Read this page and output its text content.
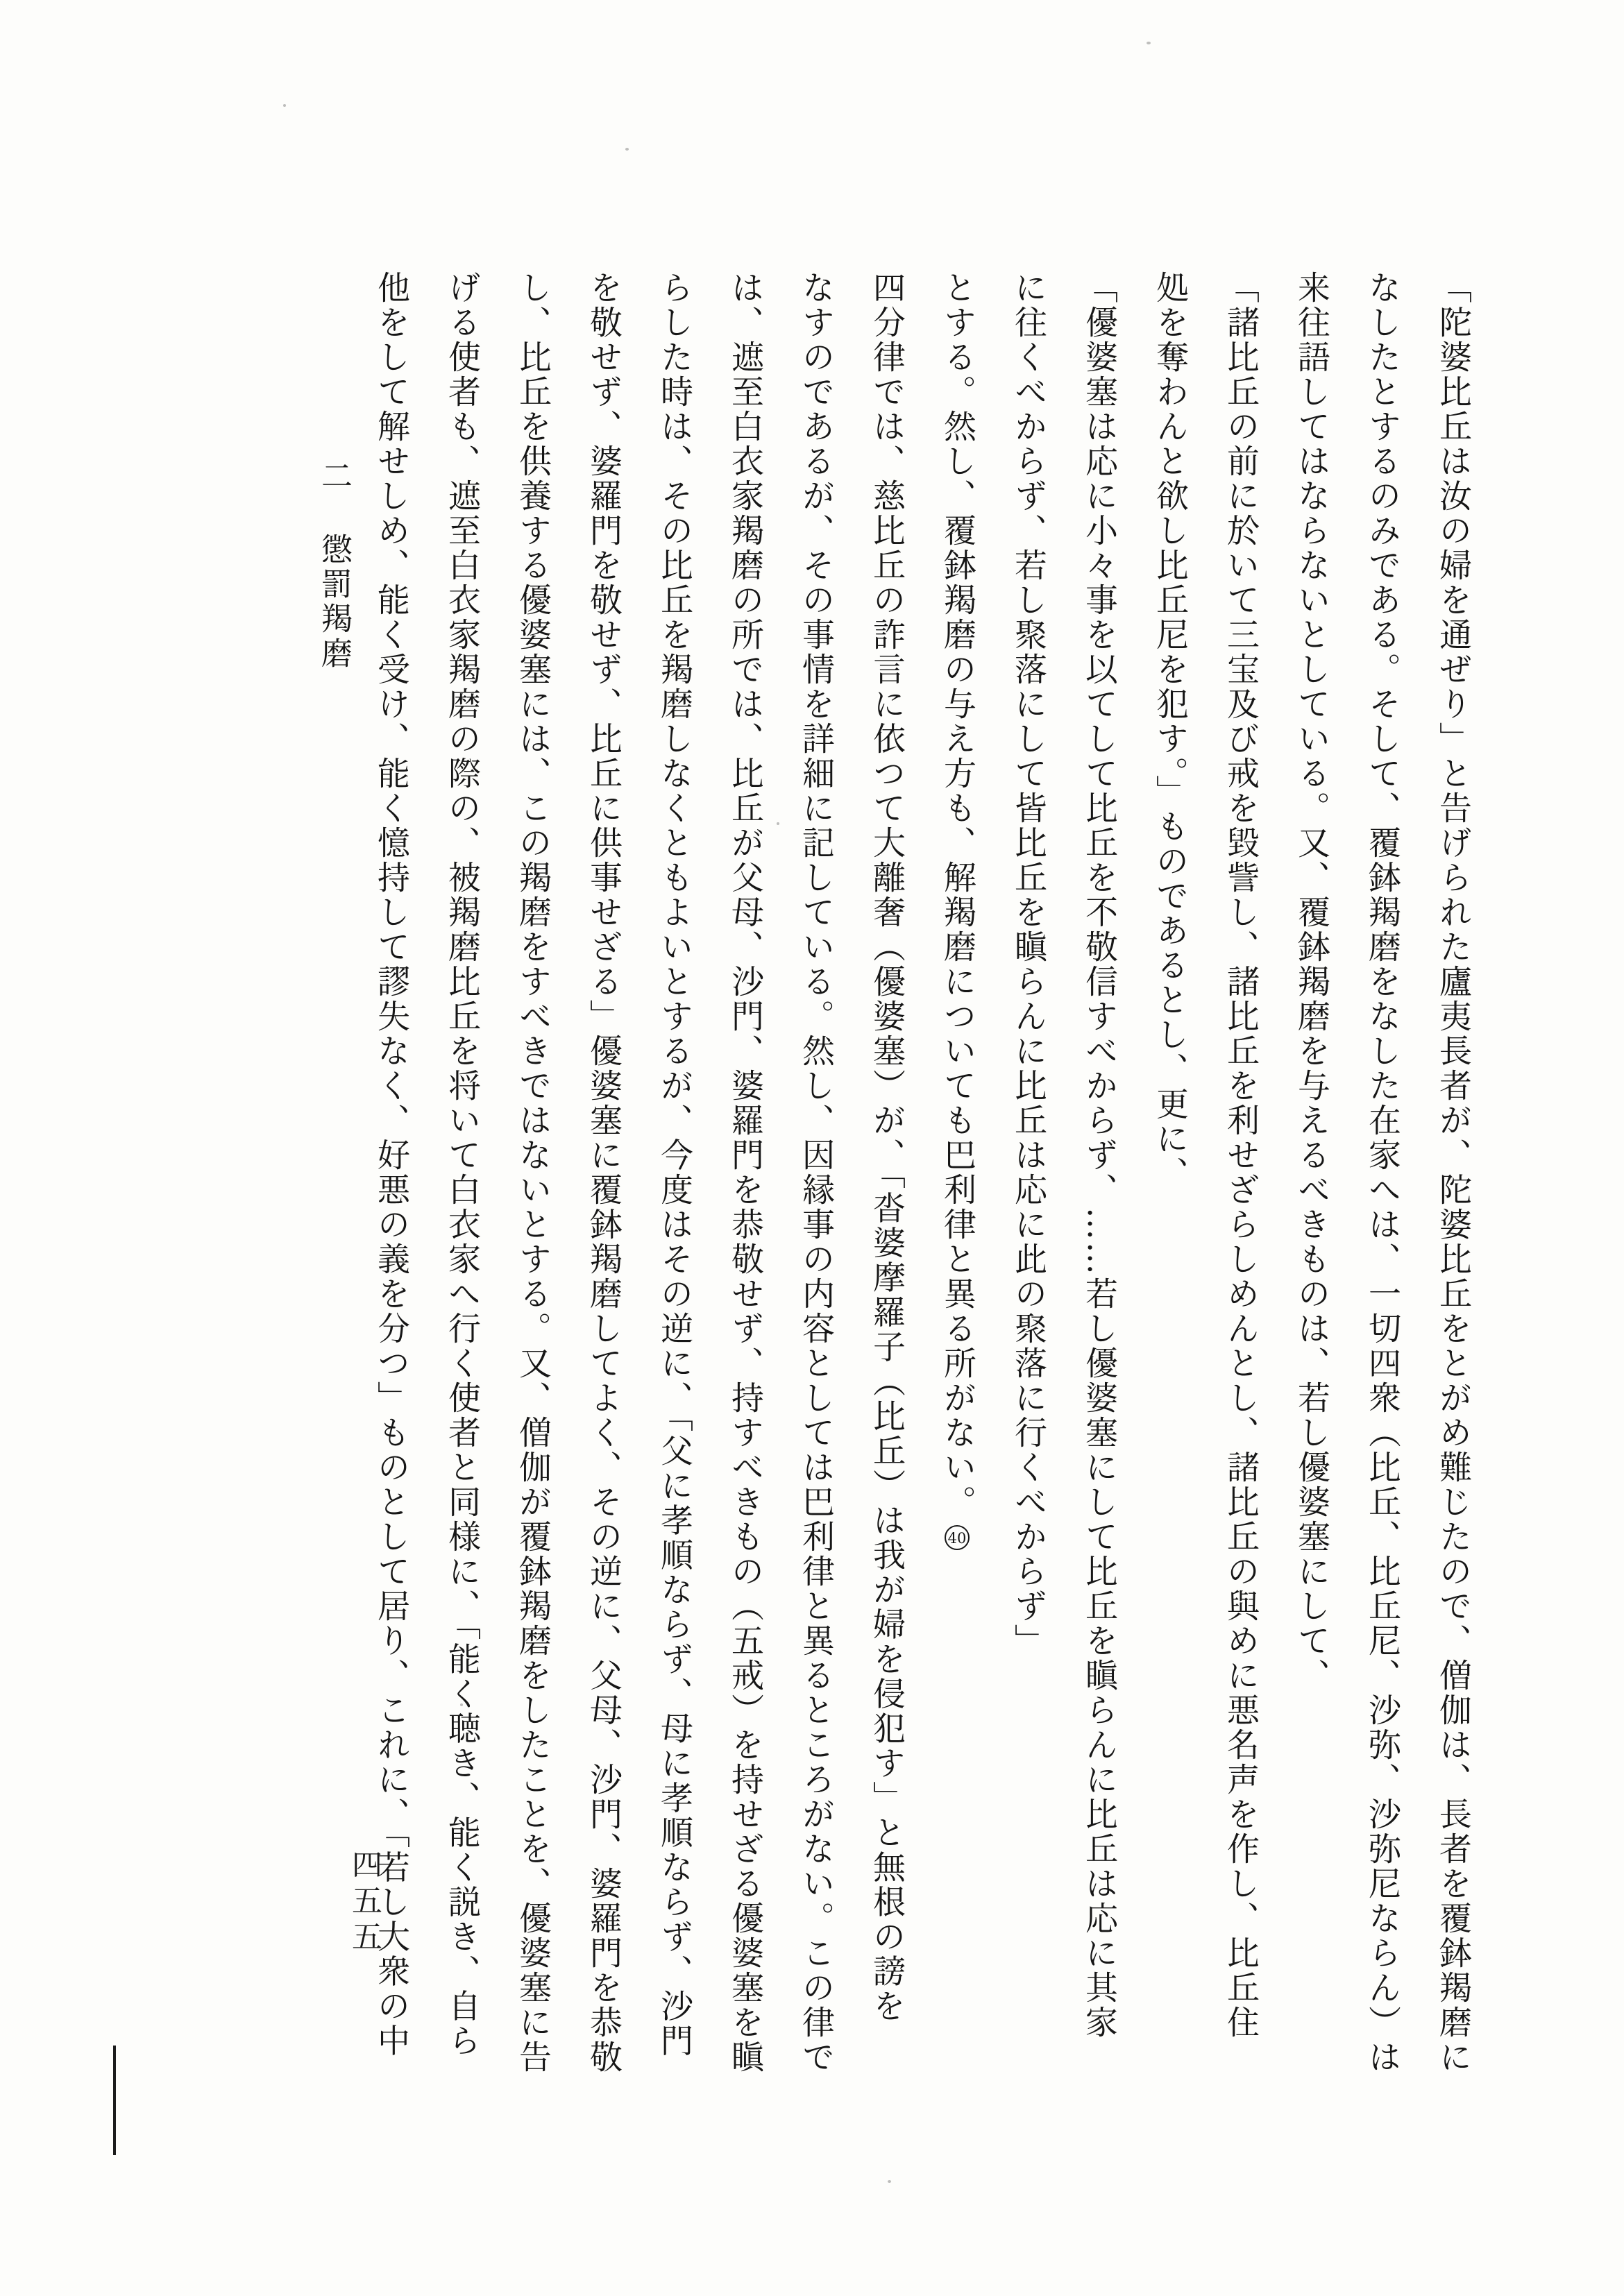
「陀婆比丘は汝の婦を通ぜり」と告げられた廬夷長者が、陀婆比丘をとがめ難じたので、僧伽は、長者を覆鉢羯磨に
なしたとするのみである。そして、覆鉢羯磨をなした在家へは、一切四衆（比丘、比丘尼、沙弥、沙弥尼ならん）は
来往語してはならないとしている。又、覆鉢羯磨を与えるべきものは、若し優婆塞にして、
「諸比丘の前に於いて三宝及び戒を毀訾し、諸比丘を利せざらしめんとし、諸比丘の與めに悪名声を作し、比丘住
処を奪わんと欲し比丘尼を犯す。」ものであるとし、更に、
「優婆塞は応に小々事を以てして比丘を不敬信すべからず、……若し優婆塞にして比丘を瞋らんに比丘は応に其家
に往くべからず、若し聚落にして皆比丘を瞋らんに比丘は応に此の聚落に行くべからず」
とする。然し、覆鉢羯磨の与え方も、解羯磨についても巴利律と異る所がない。40
四分律では、慈比丘の詐言に依つて大離奢（優婆塞）が、「沓婆摩羅子（比丘）は我が婦を侵犯す」と無根の謗を
なすのであるが、その事情を詳細に記している。然し、因縁事の内容としては巴利律と異るところがない。この律で
は、遮至白衣家羯磨の所では、比丘が父母、沙門、婆羅門を恭敬せず、持すべきもの（五戒）を持せざる優婆塞を瞋
らした時は、その比丘を羯磨しなくともよいとするが、今度はその逆に、「父に孝順ならず、母に孝順ならず、沙門
を敬せず、婆羅門を敬せず、比丘に供事せざる」優婆塞に覆鉢羯磨してよく、その逆に、父母、沙門、婆羅門を恭敬
し、比丘を供養する優婆塞には、この羯磨をすべきではないとする。又、僧伽が覆鉢羯磨をしたことを、優婆塞に告
げる使者も、遮至白衣家羯磨の際の、被羯磨比丘を将いて白衣家へ行く使者と同様に、「能く聴き、能く説き、自ら
他をして解せしめ、能く受け、能く憶持して謬失なく、好悪の義を分つ」ものとして居り、これに、「若し大衆の中
二懲罰羯磨
四五五
